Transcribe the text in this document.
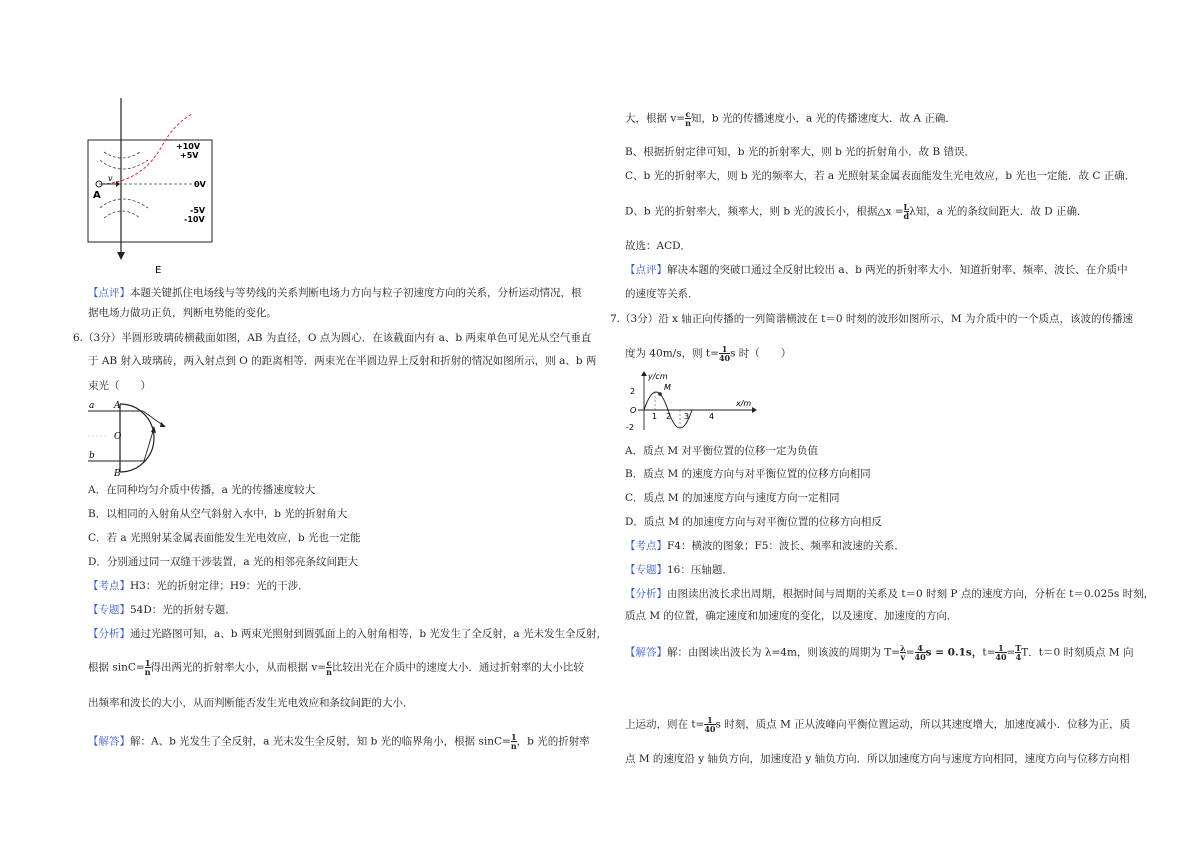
+10V
+5V
0V
-5V
-10V
v
A
E
【点评】本题关键抓住电场线与等势线的关系判断电场力方向与粒子初速度方向的关系，分析运动情况，根
据电场力做功正负，判断电势能的变化。
6.（3分）半圆形玻璃砖横截面如图，AB 为直径，O 点为圆心．在该截面内有 a、b 两束单色可见光从空气垂直
于 AB 射入玻璃砖，两入射点到 O 的距离相等．两束光在半圆边界上反射和折射的情况如图所示，则 a、b 两
束光（　　）
a
b
A
B
O
A．在同种均匀介质中传播，a 光的传播速度较大
B．以相同的入射角从空气斜射入水中，b 光的折射角大
C．若 a 光照射某金属表面能发生光电效应，b 光也一定能
D．分别通过同一双缝干涉装置，a 光的相邻亮条纹间距大
【考点】H3：光的折射定律；H9：光的干涉．
【专题】54D：光的折射专题．
【分析】通过光路图可知，a、b 两束光照射到圆弧面上的入射角相等，b 光发生了全反射，a 光未发生全反射，
根据 $\sin C= \frac{1}{n}$ 得出两光的折射率大小，从而根据 $v= \frac{c}{n}$ 比较出光在介质中的速度大小．通过折射率的大小比较
出频率和波长的大小，从而判断能否发生光电效应和条纹间距的大小．
【解答】解：A、b 光发生了全反射，a 光未发生全反射，知 b 光的临界角小，根据 $\sin C= \frac{1}{n}$ ，b 光的折射率
大，根据 $v= \frac{c}{n}$ 知，b 光的传播速度小，a 光的传播速度大．故 A 正确．
B、根据折射定律可知，b 光的折射率大，则 b 光的折射角小．故 B 错误．
C、b 光的折射率大，则 b 光的频率大，若 a 光照射某金属表面能发生光电效应，b 光也一定能．故 C 正确．
D、b 光的折射率大，频率大，则 b 光的波长小，根据△x = $\frac{L}{d}$ λ知，a 光的条纹间距大．故 D 正确．
故选：ACD．
【点评】解决本题的突破口通过全反射比较出 a、b 两光的折射率大小．知道折射率、频率、波长、在介质中
的速度等关系．
7.（3分）沿 x 轴正向传播的一列简谐横波在 t＝0 时刻的波形如图所示，M 为介质中的一个质点，该波的传播速
度为 40m/s，则 $t= \frac{1}{40}$ s 时（　　）
y/cm
x/m
M
2
-2
O
1 2 3 4
A．质点 M 对平衡位置的位移一定为负值
B．质点 M 的速度方向与对平衡位置的位移方向相同
C．质点 M 的加速度方向与速度方向一定相同
D．质点 M 的加速度方向与对平衡位置的位移方向相反
【考点】F4：横波的图象；F5：波长、频率和波速的关系．
【专题】16：压轴题．
【分析】由图读出波长求出周期，根据时间与周期的关系及 t＝0 时刻 P 点的速度方向，分析在 t＝0.025s 时刻，
质点 M 的位置，确定速度和加速度的变化，以及速度、加速度的方向．
【解答】解：由图读出波长为 λ=4m，则该波的周期为 $T= \frac{\lambda}{v} = \frac{4}{40}$ s = 0.1s，$t= \frac{1}{40} = \frac{T}{4}$ T．t＝0 时刻质点 M 向
上运动，则在 $t= \frac{1}{40}$ s 时刻，质点 M 正从波峰向平衡位置运动，所以其速度增大，加速度减小．位移为正，质
点 M 的速度沿 y 轴负方向，加速度沿 y 轴负方向．所以加速度方向与速度方向相同，速度方向与位移方向相
